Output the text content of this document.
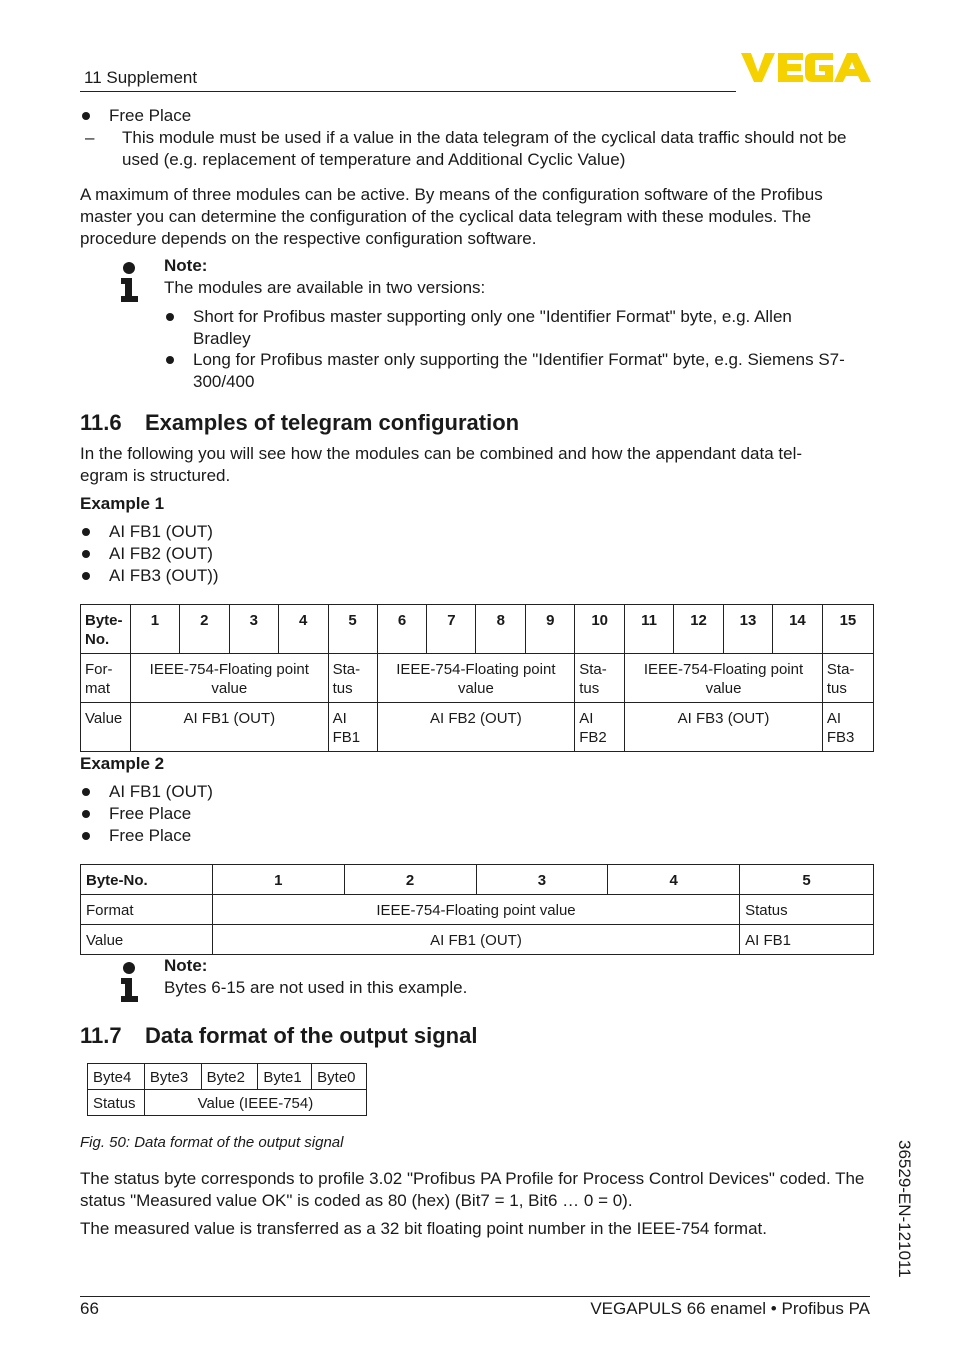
11 Supplement
Free Place
– This module must be used if a value in the data telegram of the cyclical data traffic should not be used (e.g. replacement of temperature and Additional Cyclic Value)
A maximum of three modules can be active. By means of the configuration software of the Profibus master you can determine the configuration of the cyclical data telegram with these modules. The procedure depends on the respective configuration software.
Note:
The modules are available in two versions:
Short for Profibus master supporting only one "Identifier Format" byte, e.g. Allen Bradley
Long for Profibus master only supporting the "Identifier Format" byte, e.g. Siemens S7-300/400
11.6 Examples of telegram configuration
In the following you will see how the modules can be combined and how the appendant data tel-egram is structured.
Example 1
AI FB1 (OUT)
AI FB2 (OUT)
AI FB3 (OUT))
Byte-No.	1	2	3	4	5	6	7	8	9	10	11	12	13	14	15
For-mat	IEEE-754-Floating point value				Sta-tus	IEEE-754-Floating point value				Sta-tus	IEEE-754-Floating point value				Sta-tus
Value	AI FB1 (OUT)				AI FB1	AI FB2 (OUT)				AI FB2	AI FB3 (OUT)				AI FB3
Example 2
AI FB1 (OUT)
Free Place
Free Place
Byte-No.	1	2	3	4	5
Format	IEEE-754-Floating point value				Status
Value	AI FB1 (OUT)				AI FB1
Note:
Bytes 6-15 are not used in this example.
11.7 Data format of the output signal
Byte4	Byte3	Byte2	Byte1	Byte0
Status	Value (IEEE-754)			
Fig. 50: Data format of the output signal
The status byte corresponds to profile 3.02 "Profibus PA Profile for Process Control Devices" coded. The status "Measured value OK" is coded as 80 (hex) (Bit7 = 1, Bit6 … 0 = 0).
The measured value is transferred as a 32 bit floating point number in the IEEE-754 format.	36529-EN-121011
66	VEGAPULS 66 enamel • Profibus PA
